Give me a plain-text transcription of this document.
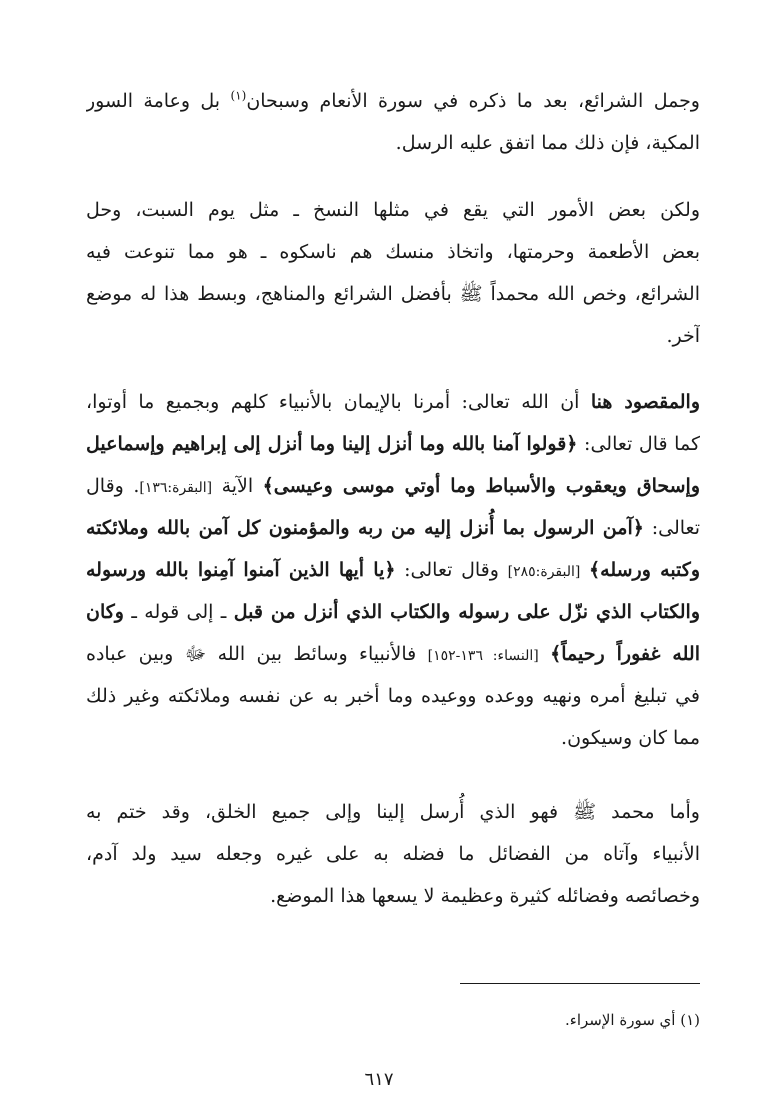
وجمل الشرائع، بعد ما ذكره في سورة الأنعام وسبحان$^{(١)}$ بل وعامة السور
المكية، فإن ذلك مما اتفق عليه الرسل.
ولكن بعض الأمور التي يقع في مثلها النسخ ـ مثل يوم السبت، وحل
بعض الأطعمة وحرمتها، واتخاذ منسك هم ناسكوه ـ هو مما تنوعت فيه
الشرائع، وخص الله محمداً ﷺ بأفضل الشرائع والمناهج، وبسط هذا له موضع
آخر.
والمقصود هنا أن الله تعالى: أمرنا بالإيمان بالأنبياء كلهم وبجميع ما أوتوا،
كما قال تعالى: ﴿قولوا آمنا بالله وما أنزل إلينا وما أنزل إلى إبراهيم وإسماعيل
وإسحاق ويعقوب والأسباط وما أوتي موسى وعيسى﴾ الآية [البقرة:١٣٦]. وقال
تعالى: ﴿آمن الرسول بما أُنزل إليه من ربه والمؤمنون كل آمن بالله وملائكته
وكتبه ورسله﴾ [البقرة:٢٨٥] وقال تعالى: ﴿يا أيها الذين آمنوا آمِنوا بالله ورسوله
والكتاب الذي نزّل على رسوله والكتاب الذي أنزل من قبل ـ إلى قوله ـ وكان
الله غفوراً رحيماً﴾ [النساء: ١٣٦-١٥٢] فالأنبياء وسائط بين الله ﷻ وبين عباده
في تبليغ أمره ونهيه ووعده ووعيده وما أخبر به عن نفسه وملائكته وغير ذلك
مما كان وسيكون.
وأما محمد ﷺ فهو الذي أُرسل إلينا وإلى جميع الخلق، وقد ختم به
الأنبياء وآتاه من الفضائل ما فضله به على غيره وجعله سيد ولد آدم،
وخصائصه وفضائله كثيرة وعظيمة لا يسعها هذا الموضع.
(١) أي سورة الإسراء.
٦١٧
